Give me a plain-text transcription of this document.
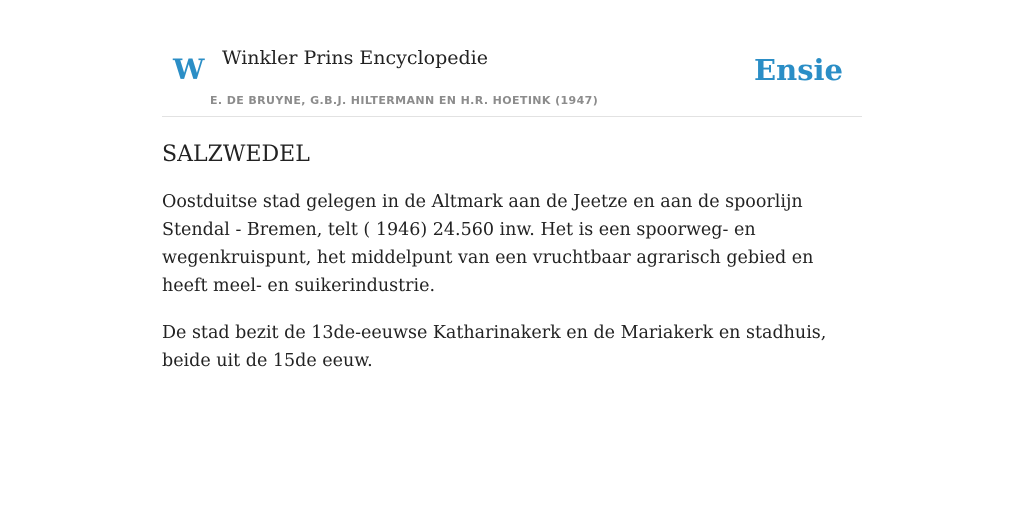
W Winkler Prins Encyclopedie
E. DE BRUYNE, G.B.J. HILTERMANN EN H.R. HOETINK (1947)
Ensie
SALZWEDEL

Oostduitse stad gelegen in de Altmark aan de Jeetze en aan de spoorlijn Stendal - Bremen, telt ( 1946) 24.560 inw. Het is een spoorweg- en wegenkruispunt, het middelpunt van een vruchtbaar agrarisch gebied en heeft meel- en suikerindustrie.

De stad bezit de 13de-eeuwse Katharinakerk en de Mariakerk en stadhuis, beide uit de 15de eeuw.
